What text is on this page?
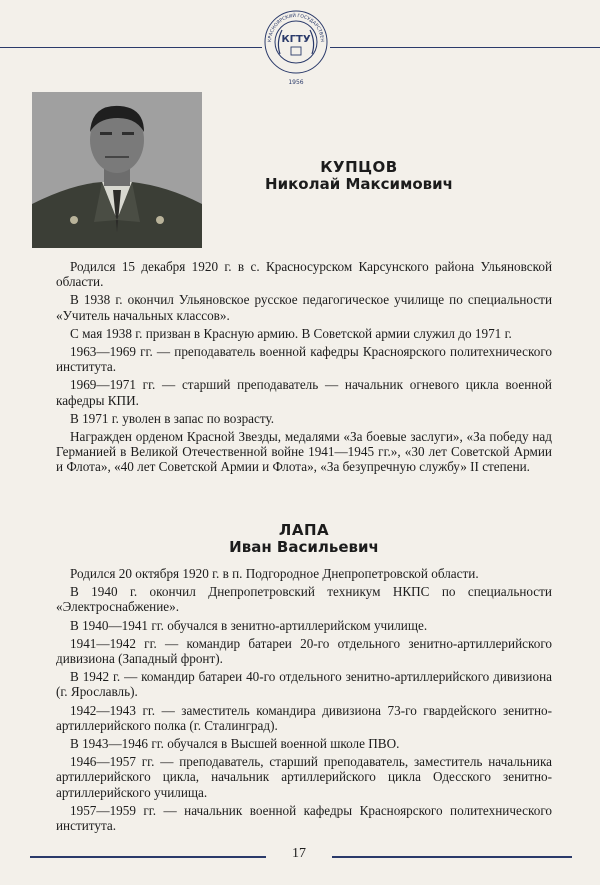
КРАСНОЯРСКИЙ ГОСУДАРСТВЕН
КГТУ
1956
КУПЦОВ
Николай Максимович

Родился 15 декабря 1920 г. в с. Красносурском Карсунского района Ульяновской области.

В 1938 г. окончил Ульяновское русское педагогическое училище по специальности «Учитель начальных классов».

С мая 1938 г. призван в Красную армию. В Советской армии служил до 1971 г.

1963—1969 гг. — преподаватель военной кафедры Красноярского политехнического института.

1969—1971 гг. — старший преподаватель — начальник огневого цикла военной кафедры КПИ.

В 1971 г. уволен в запас по возрасту.

Награжден орденом Красной Звезды, медалями «За боевые заслуги», «За победу над Германией в Великой Отечественной войне 1941—1945 гг.», «30 лет Советской Армии и Флота», «40 лет Советской Армии и Флота», «За безупречную службу» II степени.

ЛАПА
Иван Васильевич

Родился 20 октября 1920 г. в п. Подгородное Днепропетровской области.

В 1940 г. окончил Днепропетровский техникум НКПС по специальности «Электроснабжение».

В 1940—1941 гг. обучался в зенитно-артиллерийском училище.

1941—1942 гг. — командир батареи 20-го отдельного зенитно-артиллерийского дивизиона (Западный фронт).

В 1942 г. — командир батареи 40-го отдельного зенитно-артиллерийского дивизиона (г. Ярославль).

1942—1943 гг. — заместитель командира дивизиона 73-го гвардейского зенитно-артиллерийского полка (г. Сталинград).

В 1943—1946 гг. обучался в Высшей военной школе ПВО.

1946—1957 гг. — преподаватель, старший преподаватель, заместитель начальника артиллерийского цикла, начальник артиллерийского цикла Одесского зенитно-артиллерийского училища.

1957—1959 гг. — начальник военной кафедры Красноярского политехнического института.

17
